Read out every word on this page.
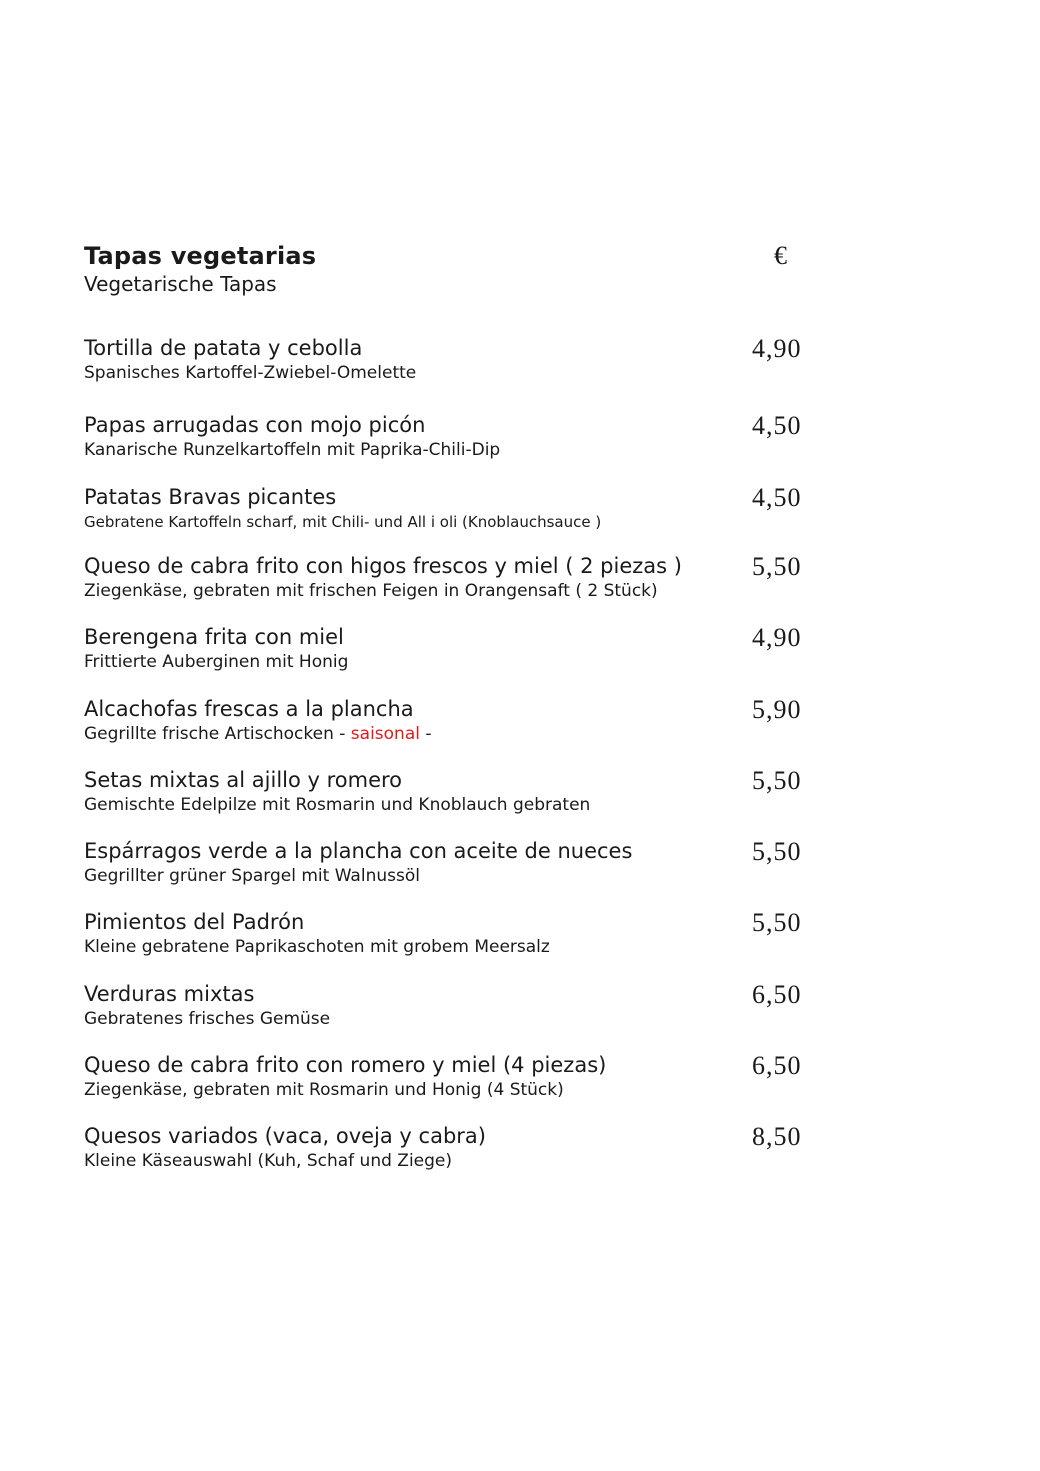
Tapas vegetarias
Vegetarische Tapas
€
Tortilla de patata y cebolla
Spanisches Kartoffel-Zwiebel-Omelette
4,90
Papas arrugadas con mojo picón
Kanarische Runzelkartoffeln mit Paprika-Chili-Dip
4,50
Patatas Bravas picantes
Gebratene Kartoffeln scharf, mit Chili- und All i oli (Knoblauchsauce )
4,50
Queso de cabra frito con higos frescos y miel ( 2 piezas )
Ziegenkäse, gebraten mit frischen Feigen in Orangensaft ( 2 Stück)
5,50
Berengena frita con miel
Frittierte Auberginen mit Honig
4,90
Alcachofas frescas a la plancha
Gegrillte frische Artischocken - saisonal -
5,90
Setas mixtas al ajillo y romero
Gemischte Edelpilze mit Rosmarin und Knoblauch gebraten
5,50
Espárragos verde a la plancha con aceite de nueces
Gegrillter grüner Spargel mit Walnussöl
5,50
Pimientos del Padrón
Kleine gebratene Paprikaschoten mit grobem Meersalz
5,50
Verduras mixtas
Gebratenes frisches Gemüse
6,50
Queso de cabra frito con romero y miel (4 piezas)
Ziegenkäse, gebraten mit Rosmarin und Honig (4 Stück)
6,50
Quesos variados (vaca, oveja y cabra)
Kleine Käseauswahl (Kuh, Schaf und Ziege)
8,50
